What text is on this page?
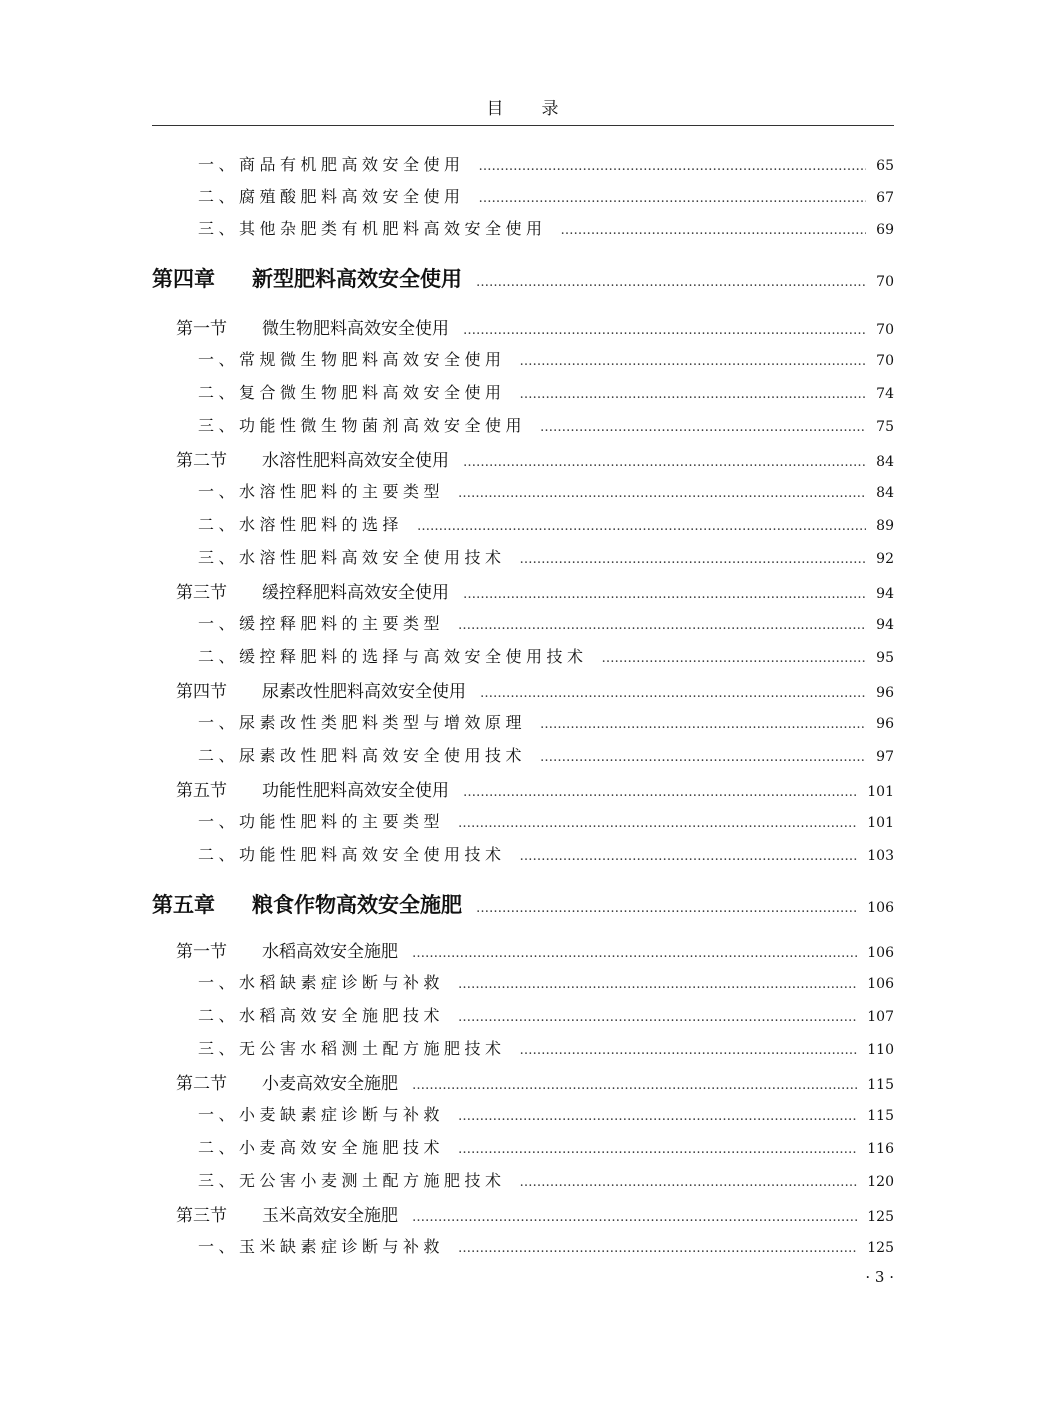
目录
一、商品有机肥高效安全使用 …………………………………………………………………………………………………………………………………………………………………………………………	65
二、腐殖酸肥料高效安全使用 …………………………………………………………………………………………………………………………………………………………………………………………	67
三、其他杂肥类有机肥料高效安全使用 …………………………………………………………………………………………………………………………………………………………………………………………	69
第四章 新型肥料高效安全使用 …………………………………………………………………………………………………………………………………………………………………………………………	70
第一节 微生物肥料高效安全使用 …………………………………………………………………………………………………………………………………………………………………………………………	70
一、常规微生物肥料高效安全使用 …………………………………………………………………………………………………………………………………………………………………………………………	70
二、复合微生物肥料高效安全使用 …………………………………………………………………………………………………………………………………………………………………………………………	74
三、功能性微生物菌剂高效安全使用 …………………………………………………………………………………………………………………………………………………………………………………………	75
第二节 水溶性肥料高效安全使用 …………………………………………………………………………………………………………………………………………………………………………………………	84
一、水溶性肥料的主要类型 …………………………………………………………………………………………………………………………………………………………………………………………	84
二、水溶性肥料的选择 …………………………………………………………………………………………………………………………………………………………………………………………	89
三、水溶性肥料高效安全使用技术 …………………………………………………………………………………………………………………………………………………………………………………………	92
第三节 缓控释肥料高效安全使用 …………………………………………………………………………………………………………………………………………………………………………………………	94
一、缓控释肥料的主要类型 …………………………………………………………………………………………………………………………………………………………………………………………	94
二、缓控释肥料的选择与高效安全使用技术 …………………………………………………………………………………………………………………………………………………………………………………………	95
第四节 尿素改性肥料高效安全使用 …………………………………………………………………………………………………………………………………………………………………………………………	96
一、尿素改性类肥料类型与增效原理 …………………………………………………………………………………………………………………………………………………………………………………………	96
二、尿素改性肥料高效安全使用技术 …………………………………………………………………………………………………………………………………………………………………………………………	97
第五节 功能性肥料高效安全使用 …………………………………………………………………………………………………………………………………………………………………………………………	101
一、功能性肥料的主要类型 …………………………………………………………………………………………………………………………………………………………………………………………	101
二、功能性肥料高效安全使用技术 …………………………………………………………………………………………………………………………………………………………………………………………	103
第五章 粮食作物高效安全施肥 …………………………………………………………………………………………………………………………………………………………………………………………	106
第一节 水稻高效安全施肥 …………………………………………………………………………………………………………………………………………………………………………………………	106
一、水稻缺素症诊断与补救 …………………………………………………………………………………………………………………………………………………………………………………………	106
二、水稻高效安全施肥技术 …………………………………………………………………………………………………………………………………………………………………………………………	107
三、无公害水稻测土配方施肥技术 …………………………………………………………………………………………………………………………………………………………………………………………	110
第二节 小麦高效安全施肥 …………………………………………………………………………………………………………………………………………………………………………………………	115
一、小麦缺素症诊断与补救 …………………………………………………………………………………………………………………………………………………………………………………………	115
二、小麦高效安全施肥技术 …………………………………………………………………………………………………………………………………………………………………………………………	116
三、无公害小麦测土配方施肥技术 …………………………………………………………………………………………………………………………………………………………………………………………	120
第三节 玉米高效安全施肥 …………………………………………………………………………………………………………………………………………………………………………………………	125
一、玉米缺素症诊断与补救 …………………………………………………………………………………………………………………………………………………………………………………………	125
· 3 ·
